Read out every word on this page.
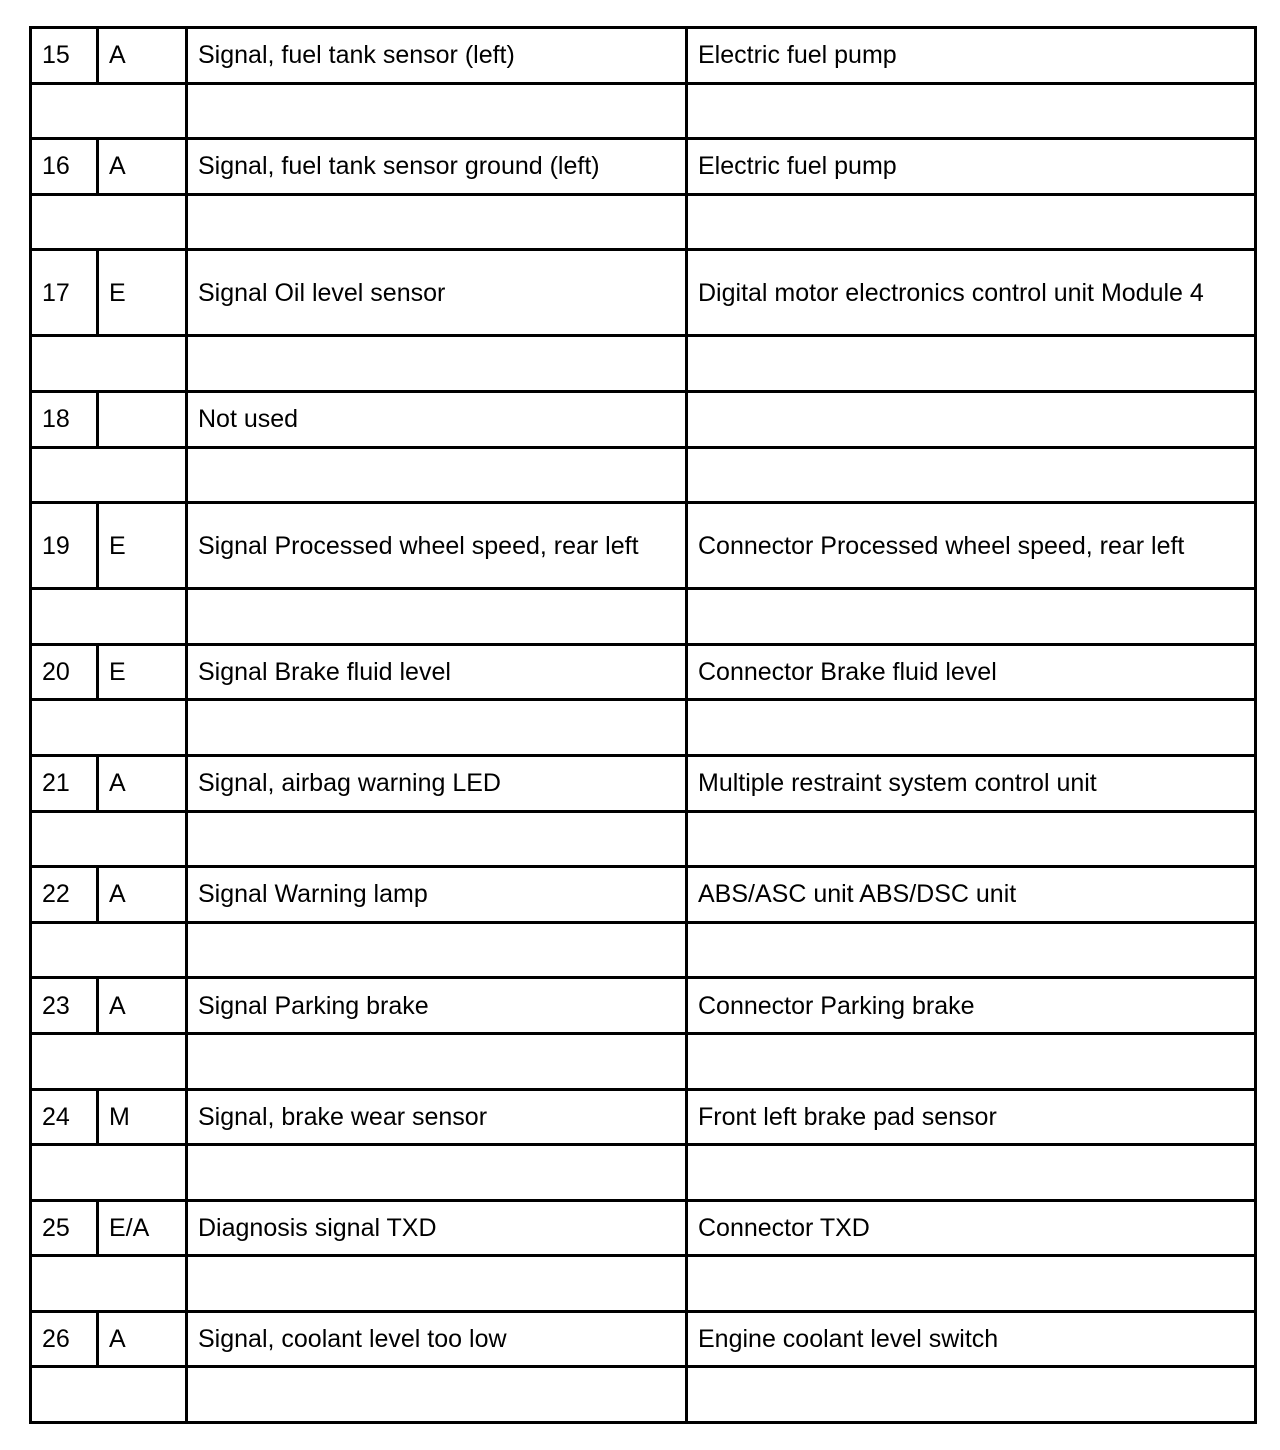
15	A	Signal, fuel tank sensor (left)	Electric fuel pump

16	A	Signal, fuel tank sensor ground (left)	Electric fuel pump

17	E	Signal Oil level sensor	Digital motor electronics control unit Module 4

18		Not used	

19	E	Signal Processed wheel speed, rear left	Connector Processed wheel speed, rear left

20	E	Signal Brake fluid level	Connector Brake fluid level

21	A	Signal, airbag warning LED	Multiple restraint system control unit

22	A	Signal Warning lamp	ABS/ASC unit ABS/DSC unit

23	A	Signal Parking brake	Connector Parking brake

24	M	Signal, brake wear sensor	Front left brake pad sensor

25	E/A	Diagnosis signal TXD	Connector TXD

26	A	Signal, coolant level too low	Engine coolant level switch
